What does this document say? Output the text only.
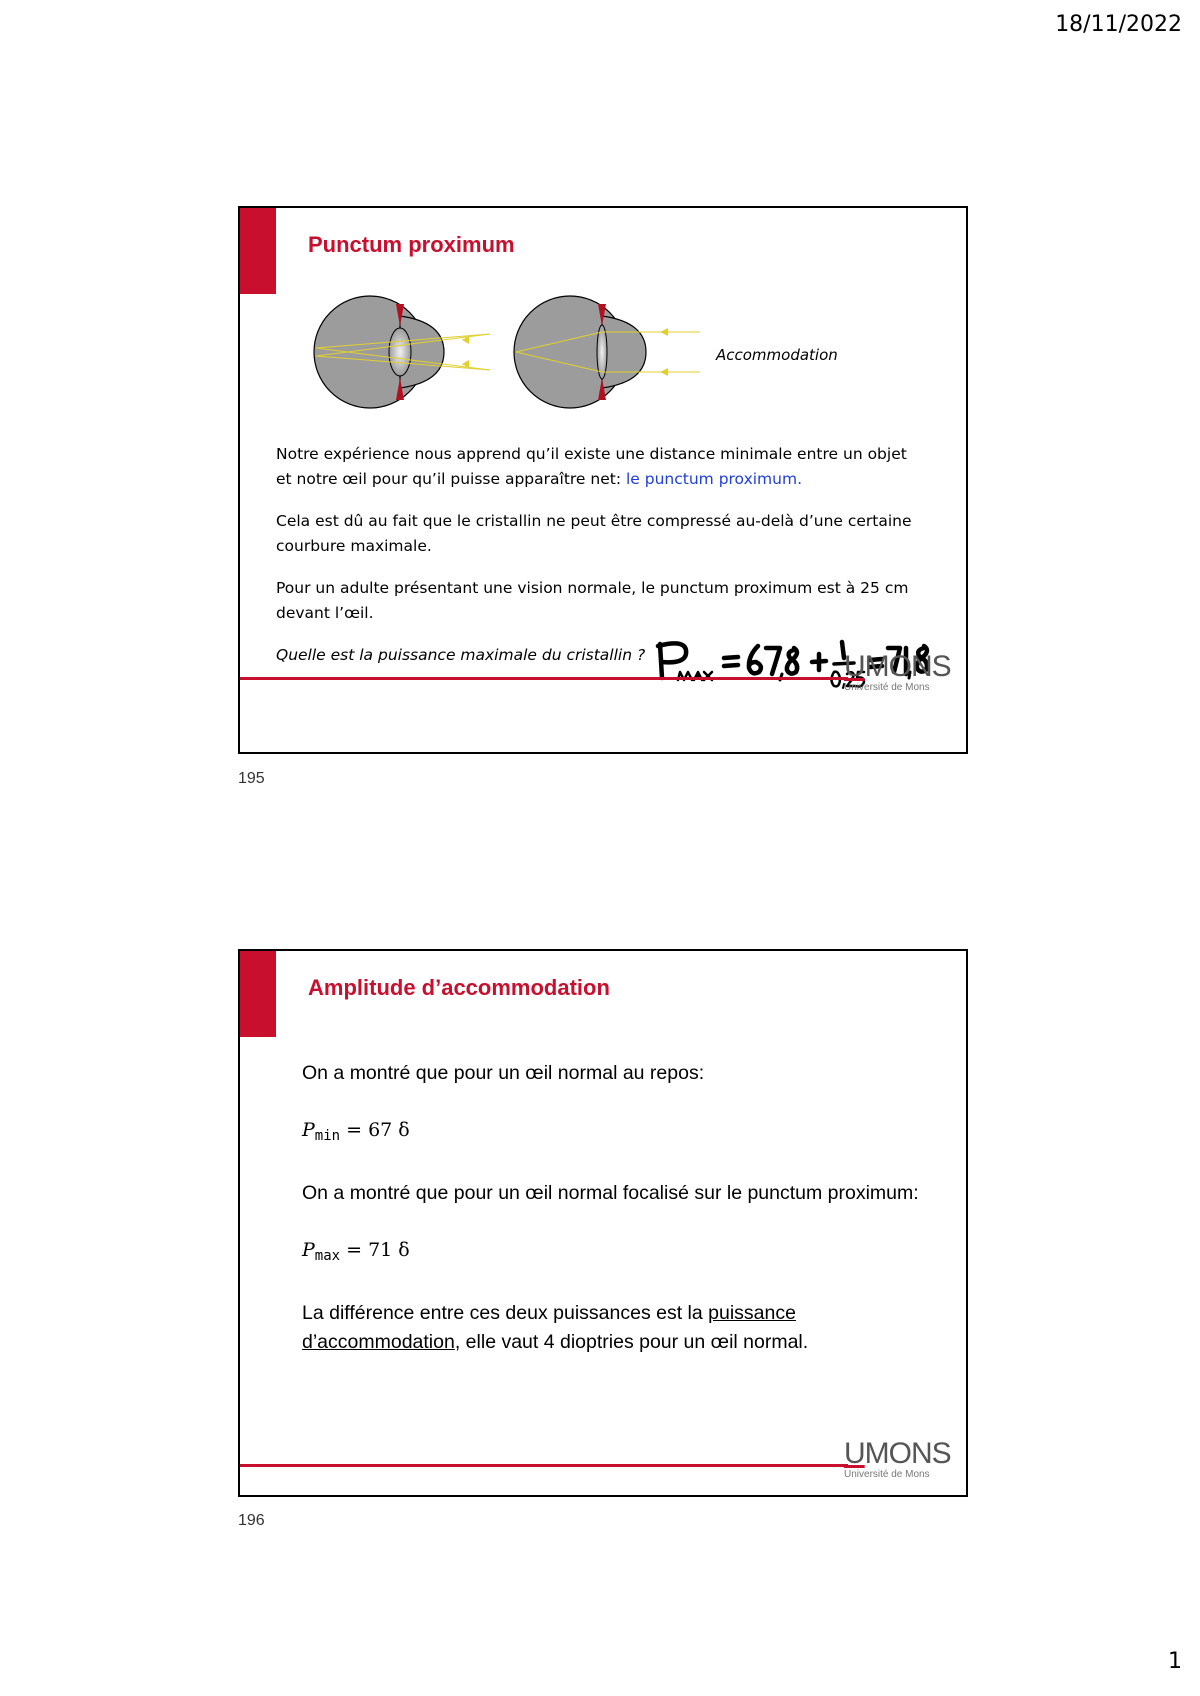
18/11/2022
Punctum proximum
Accommodation

Notre expérience nous apprend qu’il existe une distance minimale entre un objet et notre œil pour qu’il puisse apparaître net: le punctum proximum.

Cela est dû au fait que le cristallin ne peut être compressé au-delà d’une certaine courbure maximale.

Pour un adulte présentant une vision normale, le punctum proximum est à 25 cm devant l’œil.

Quelle est la puissance maximale du cristallin ?	UMONS
Université de Mons
195
Amplitude d’accommodation

On a montré que pour un œil normal au repos:

$P_{min} = 67$ δ

On a montré que pour un œil normal focalisé sur le punctum proximum:

$P_{max} = 71$ δ

La différence entre ces deux puissances est la puissance d’accommodation, elle vaut 4 dioptries pour un œil normal.

UMONS
Université de Mons
196
1
